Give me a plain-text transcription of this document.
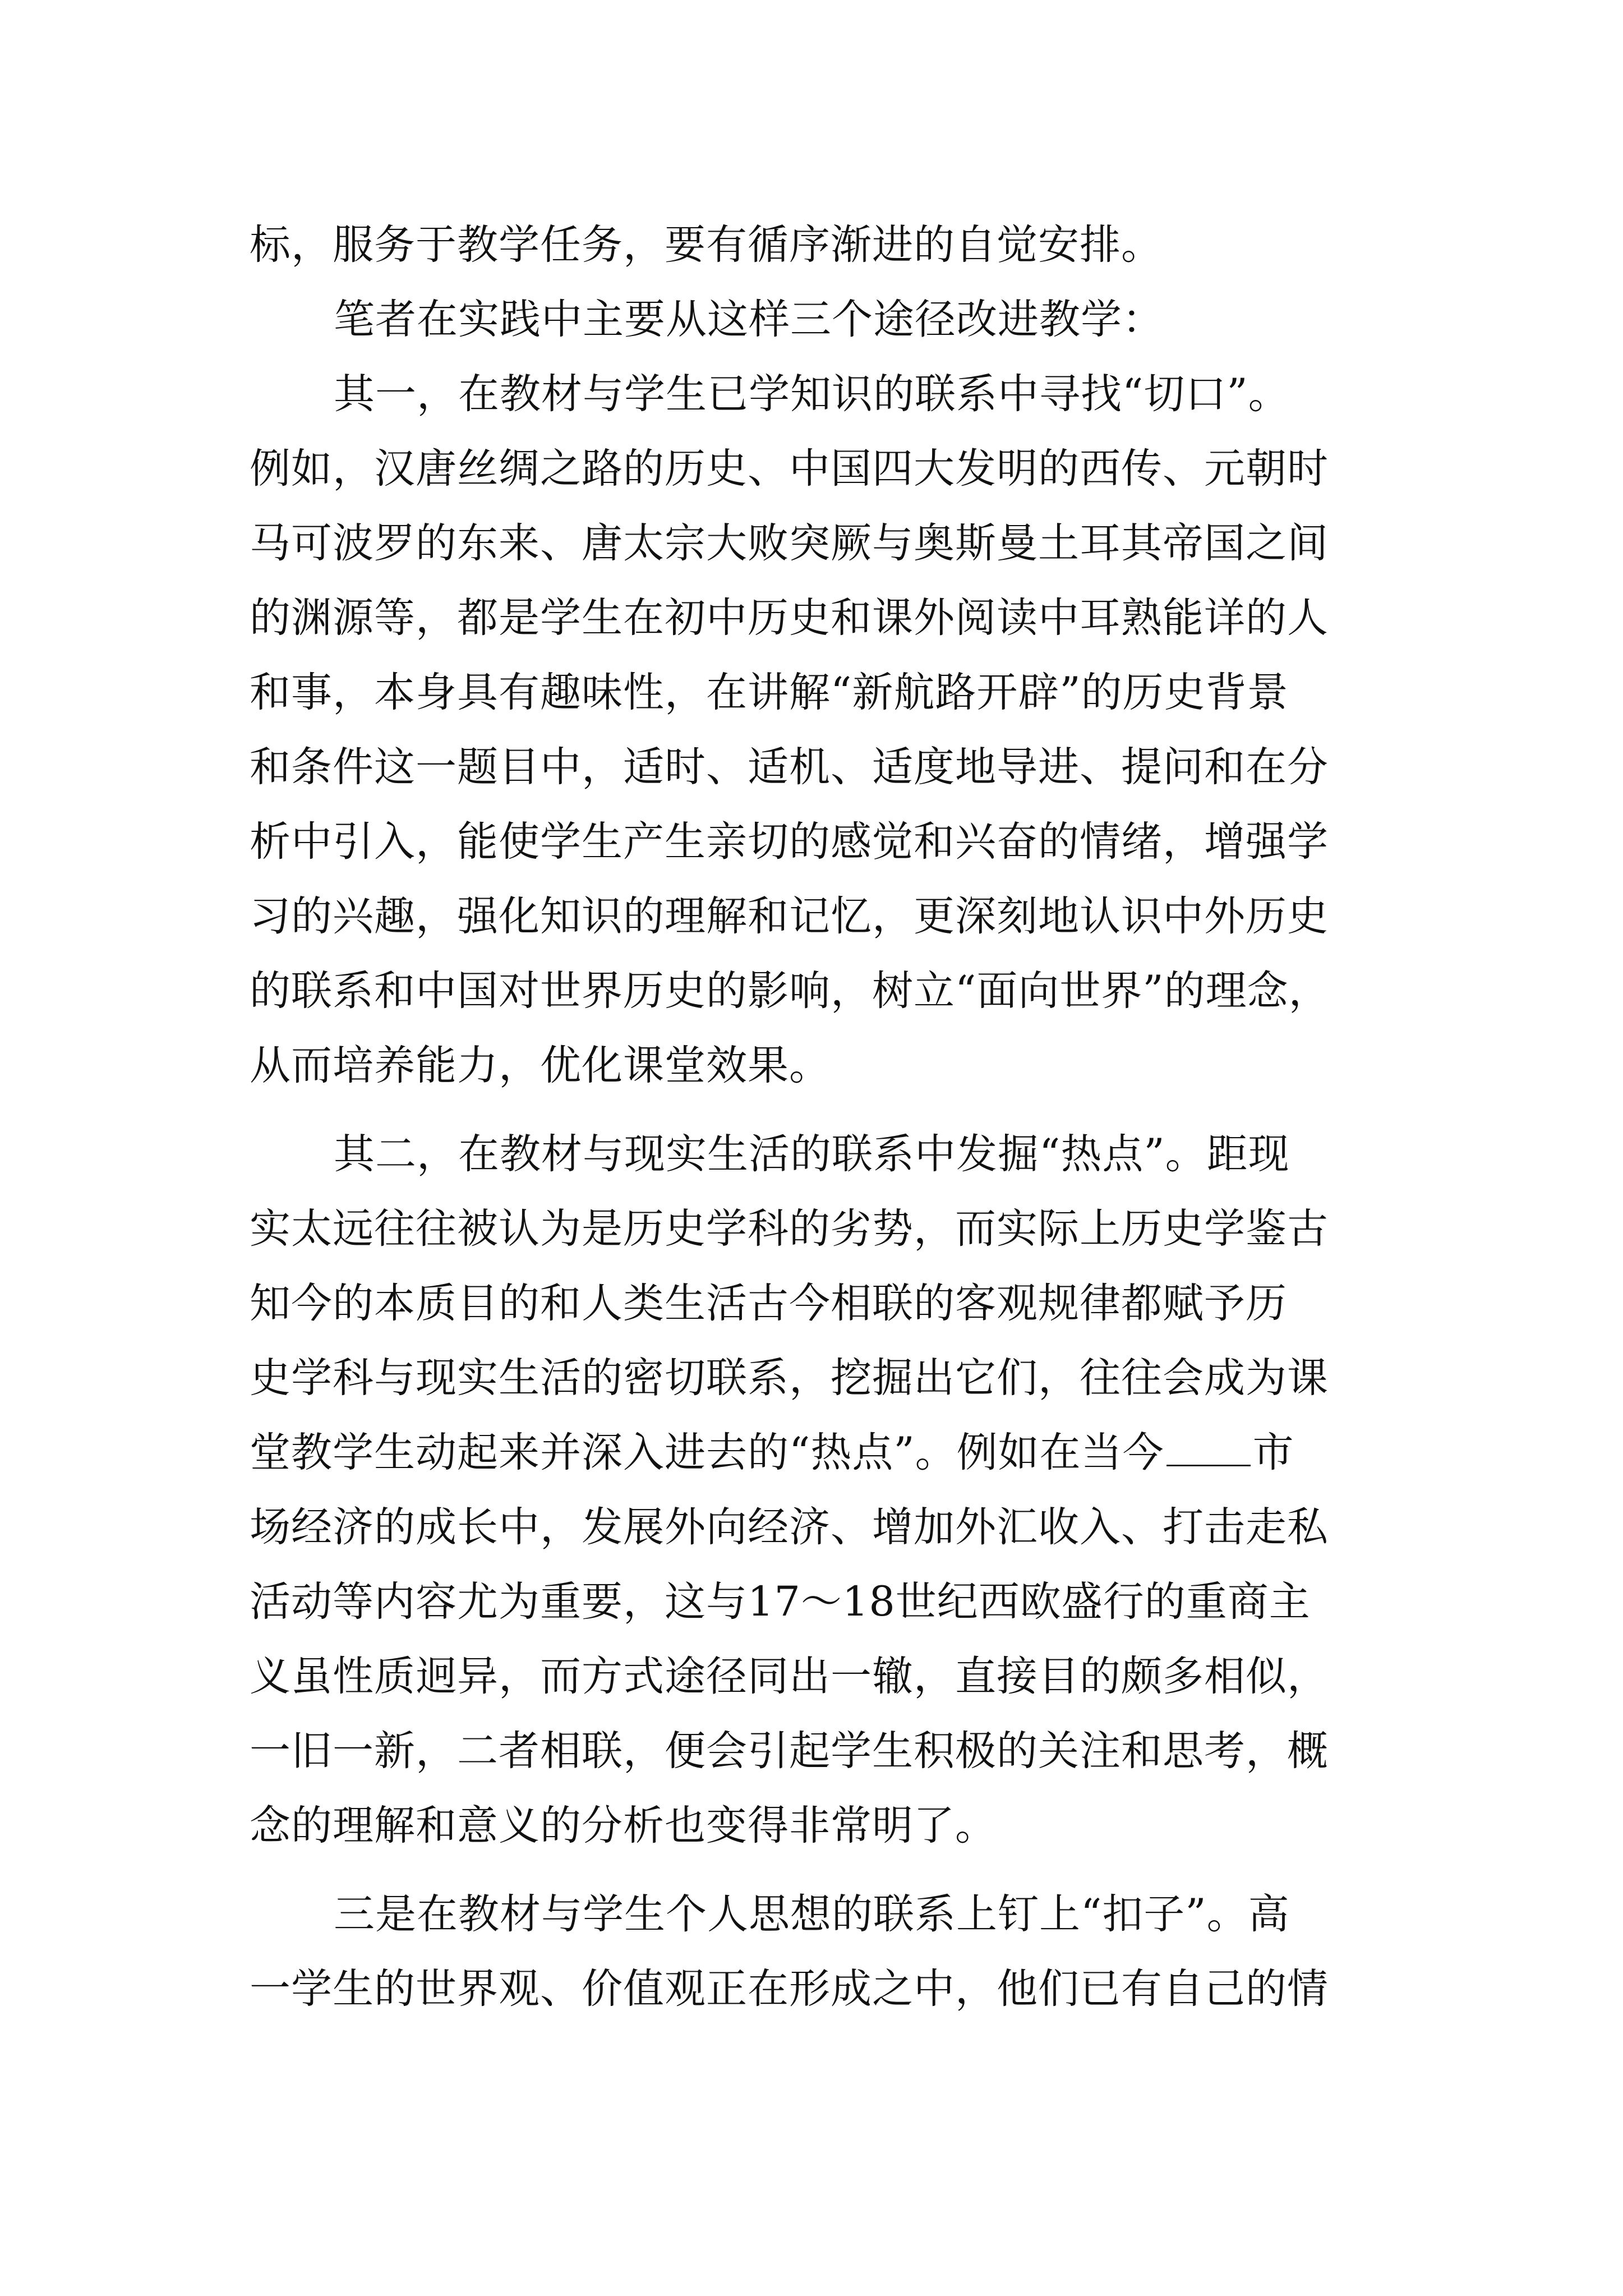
标，服务于教学任务，要有循序渐进的自觉安排。
笔者在实践中主要从这样三个途径改进教学：
其一，在教材与学生已学知识的联系中寻找“切口”。
例如，汉唐丝绸之路的历史、中国四大发明的西传、元朝时
马可波罗的东来、唐太宗大败突厥与奥斯曼土耳其帝国之间
的渊源等，都是学生在初中历史和课外阅读中耳熟能详的人
和事，本身具有趣味性，在讲解“新航路开辟”的历史背景
和条件这一题目中，适时、适机、适度地导进、提问和在分
析中引入，能使学生产生亲切的感觉和兴奋的情绪，增强学
习的兴趣，强化知识的理解和记忆，更深刻地认识中外历史
的联系和中国对世界历史的影响，树立“面向世界”的理念，
从而培养能力，优化课堂效果。
其二，在教材与现实生活的联系中发掘“热点”。距现
实太远往往被认为是历史学科的劣势，而实际上历史学鉴古
知今的本质目的和人类生活古今相联的客观规律都赋予历
史学科与现实生活的密切联系，挖掘出它们，往往会成为课
堂教学生动起来并深入进去的“热点”。例如在当今 市
场经济的成长中，发展外向经济、增加外汇收入、打击走私
活动等内容尤为重要，这与17～18世纪西欧盛行的重商主
义虽性质迥异，而方式途径同出一辙，直接目的颇多相似，
一旧一新，二者相联，便会引起学生积极的关注和思考，概
念的理解和意义的分析也变得非常明了。
三是在教材与学生个人思想的联系上钉上“扣子”。高
一学生的世界观、价值观正在形成之中，他们已有自己的情
